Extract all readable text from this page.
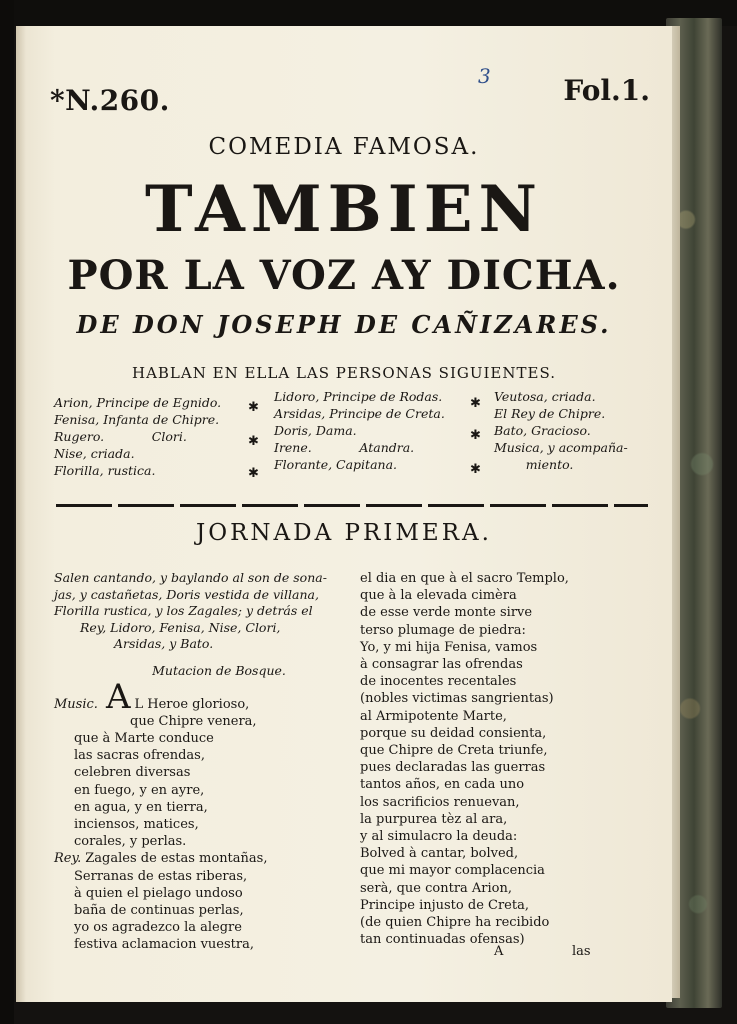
*N.260.
3	Fol.1.
COMEDIA FAMOSA.
TAMBIEN
POR LA VOZ AY DICHA.
DE DON JOSEPH DE CAÑIZARES.
HABLAN EN ELLA LAS PERSONAS SIGUIENTES.
Arion, Principe de Egnido.
Fenisa, Infanta de Chipre.
Rugero.            Clori.
Nise, criada.
Florilla, rustica.
✱
✱
✱
Lidoro, Principe de Rodas.
Arsidas, Principe de Creta.
Doris, Dama.
Irene.            Atandra.
Florante, Capitana.
✱
✱
✱
Veutosa, criada.
El Rey de Chipre.
Bato, Gracioso.
Musica, y acompaña-
miento.
JORNADA PRIMERA.
Salen cantando, y baylando al son de sona-
jas, y castañetas, Doris vestida de villana,
Florilla rustica, y los Zagales; y detrás el
Rey, Lidoro, Fenisa, Nise, Clori,
Arsidas, y Bato.
Mutacion de Bosque.
Music. A L Heroe glorioso,
que Chipre venera,
que à Marte conduce
las sacras ofrendas,
celebren diversas
en fuego, y en ayre,
en agua, y en tierra,
inciensos, matices,
corales, y perlas.
Rey. Zagales de estas montañas,
Serranas de estas riberas,
à quien el pielago undoso
baña de continuas perlas,
yo os agradezco la alegre
festiva aclamacion vuestra,
el dia en que à el sacro Templo,
que à la elevada cimèra
de esse verde monte sirve
terso plumage de piedra:
Yo, y mi hija Fenisa, vamos
à consagrar las ofrendas
de inocentes recentales
(nobles victimas sangrientas)
al Armipotente Marte,
porque su deidad consienta,
que Chipre de Creta triunfe,
pues declaradas las guerras
tantos años, en cada uno
los sacrificios renuevan,
la purpurea tèz al ara,
y al simulacro la deuda:
Bolved à cantar, bolved,
que mi mayor complacencia
serà, que contra Arion,
Principe injusto de Creta,
(de quien Chipre ha recibido
tan continuadas ofensas)
A	las
